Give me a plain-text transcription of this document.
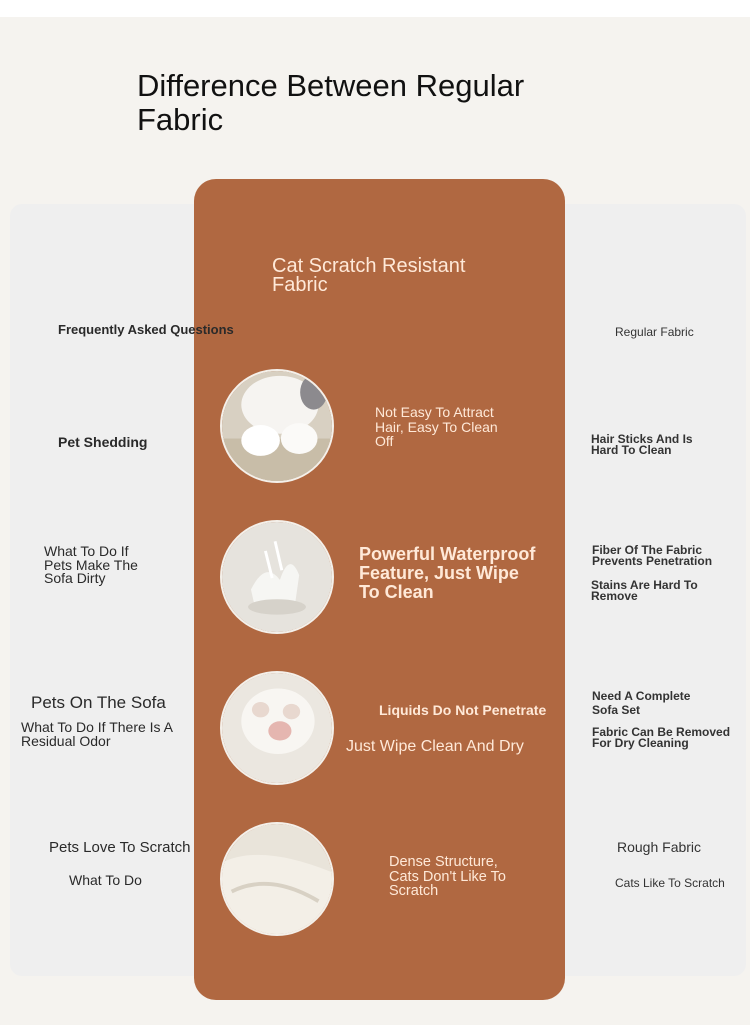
Difference Between Regular Fabric

Frequently Asked Questions

Pet Shedding

What To Do If Pets Make The Sofa Dirty

Pets On The Sofa

What To Do If There Is A Residual Odor

Pets Love To Scratch

What To Do

Cat Scratch Resistant Fabric

Not Easy To Attract Hair, Easy To Clean Off

Powerful Waterproof Feature, Just Wipe To Clean

Liquids Do Not Penetrate

Just Wipe Clean And Dry

Dense Structure, Cats Don't Like To Scratch

Regular Fabric

Hair Sticks And Is Hard To Clean

Fiber Of The Fabric Prevents Penetration

Stains Are Hard To Remove

Need A Complete Sofa Set

Fabric Can Be Removed For Dry Cleaning

Rough Fabric

Cats Like To Scratch
